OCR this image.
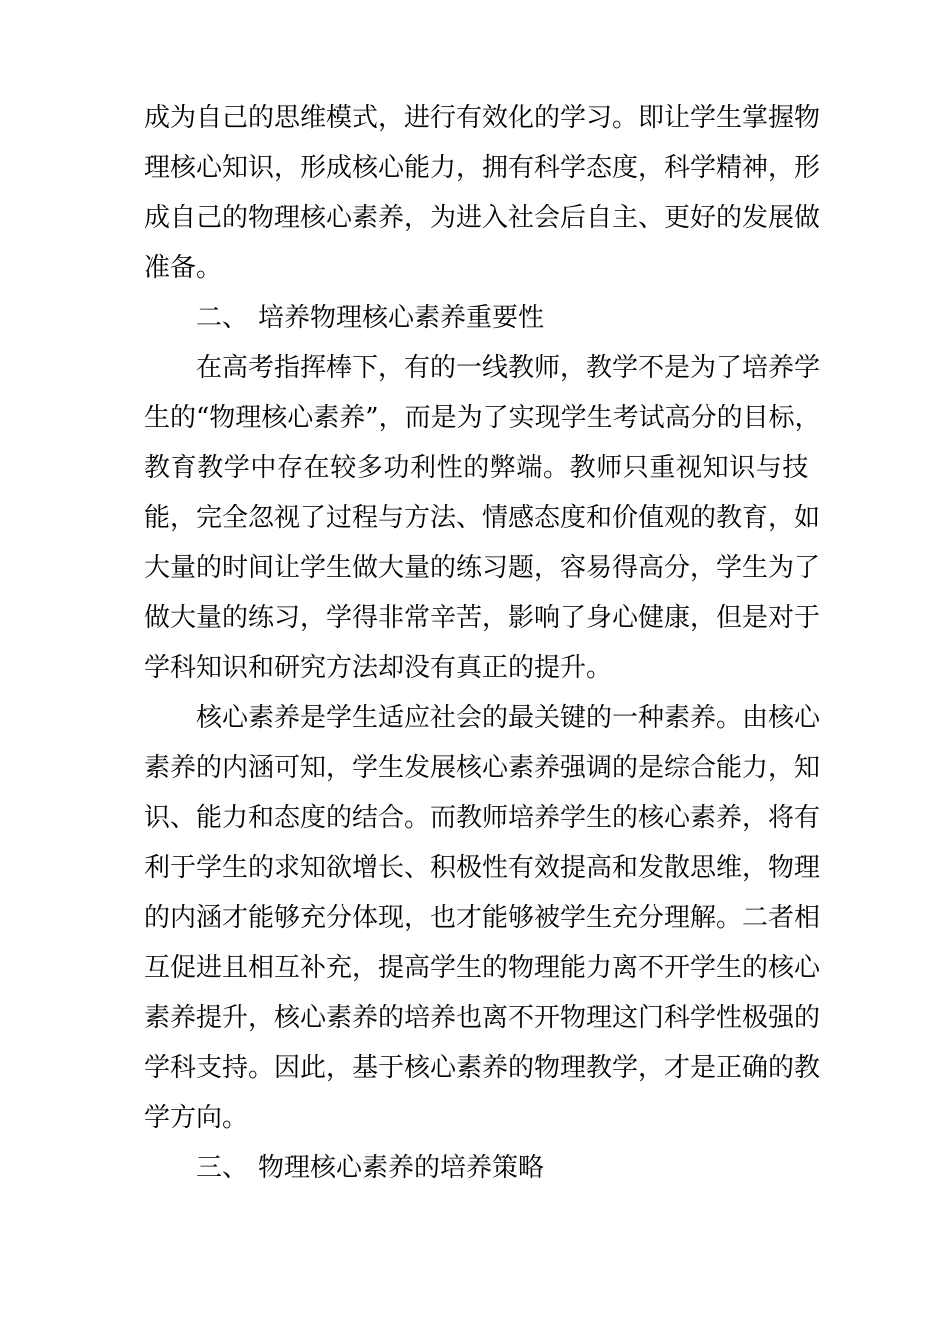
成为自己的思维模式，进行有效化的学习。即让学生掌握物
理核心知识，形成核心能力，拥有科学态度，科学精神，形
成自己的物理核心素养，为进入社会后自主、更好的发展做
准备。
二、 培养物理核心素养重要性
在高考指挥棒下，有的一线教师，教学不是为了培养学
生的“物理核心素养”，而是为了实现学生考试高分的目标，
教育教学中存在较多功利性的弊端。教师只重视知识与技
能，完全忽视了过程与方法、情感态度和价值观的教育，如
大量的时间让学生做大量的练习题，容易得高分，学生为了
做大量的练习，学得非常辛苦，影响了身心健康，但是对于
学科知识和研究方法却没有真正的提升。
核心素养是学生适应社会的最关键的一种素养。由核心
素养的内涵可知，学生发展核心素养强调的是综合能力，知
识、能力和态度的结合。而教师培养学生的核心素养，将有
利于学生的求知欲增长、积极性有效提高和发散思维，物理
的内涵才能够充分体现，也才能够被学生充分理解。二者相
互促进且相互补充，提高学生的物理能力离不开学生的核心
素养提升，核心素养的培养也离不开物理这门科学性极强的
学科支持。因此，基于核心素养的物理教学，才是正确的教
学方向。
三、 物理核心素养的培养策略
